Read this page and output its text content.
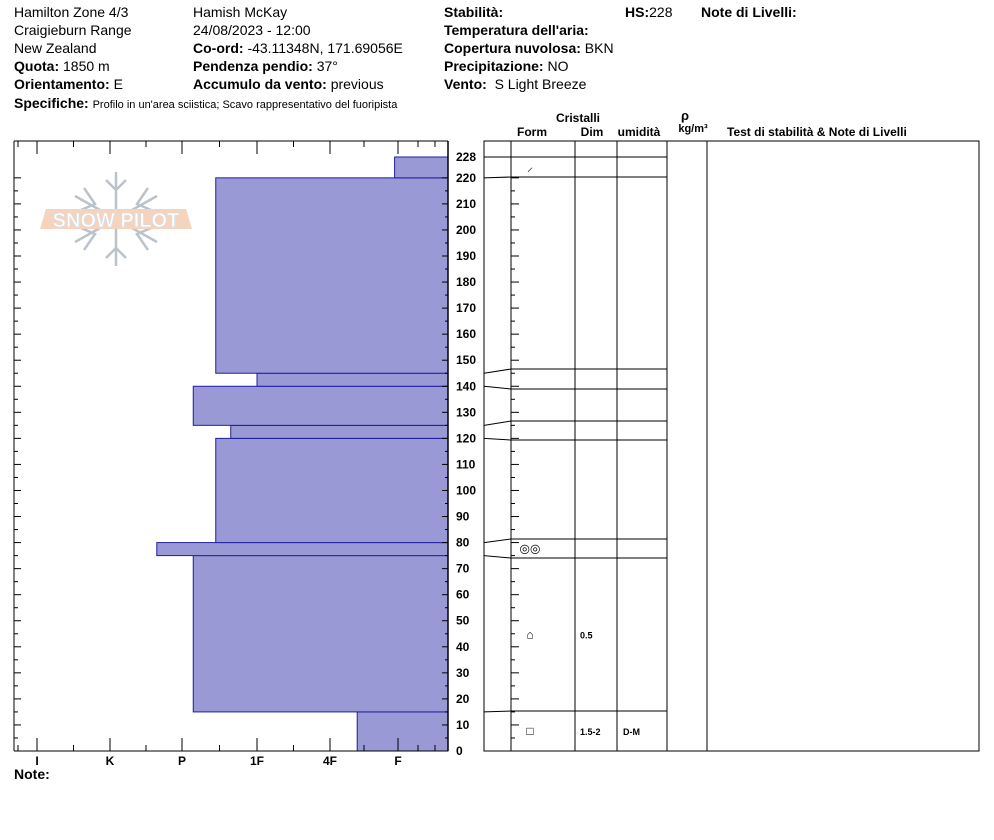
Hamilton Zone 4/3
Craigieburn Range
New Zealand
Quota: 1850 m
Orientamento: E
Specifiche: Profilo in un'area sciistica; Scavo rappresentativo del fuoripista
Hamish McKay
24/08/2023 - 12:00
Co-ord: -43.11348N, 171.69056E
Pendenza pendio: 37°
Accumulo da vento: previous
Stabilità:
Temperatura dell'aria:
Copertura nuvolosa: BKN
Precipitazione: NO
Vento: S Light Breeze
HS:228 Note di Livelli:
Cristalli
Form	Dim	umidità
ρ
kg/m³	Test di stabilità & Note di Livelli
Note:
SNOW PILOT
I	K	P	1F	4F	F
0
10
20
30
40
50
60
70
80
90
100
110
120
130
140
150
160
170
180
190
200
210
220
228
□	1.5-2 D-M
⌂	0.5
◎◎
⸝
